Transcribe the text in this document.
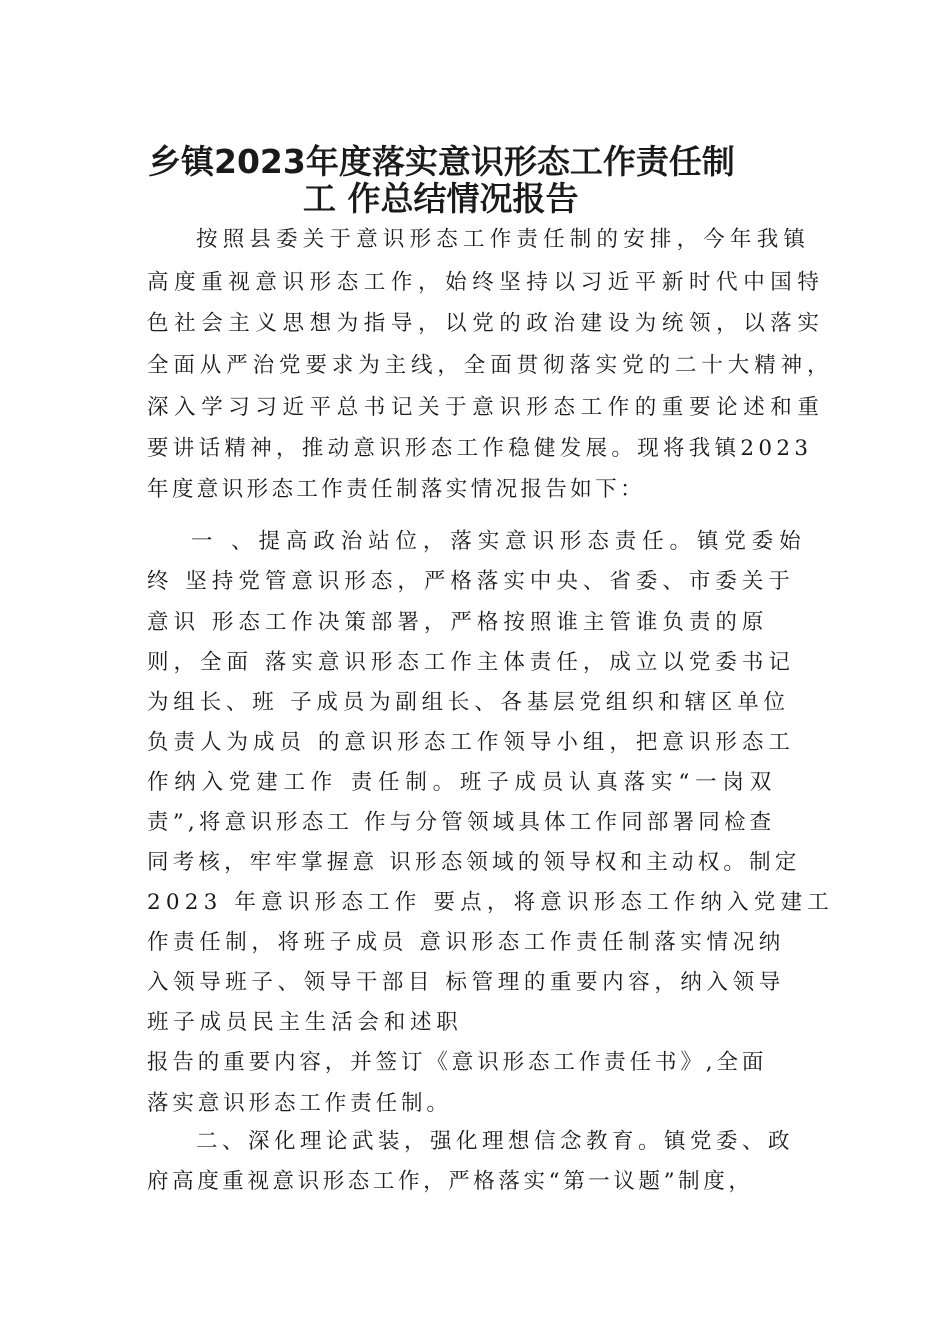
乡镇2023年度落实意识形态工作责任制
工 作总结情况报告
按照县委关于意识形态工作责任制的安排，今年我镇
高度重视意识形态工作，始终坚持以习近平新时代中国特
色社会主义思想为指导，以党的政治建设为统领，以落实
全面从严治党要求为主线，全面贯彻落实党的二十大精神，
深入学习习近平总书记关于意识形态工作的重要论述和重
要讲话精神，推动意识形态工作稳健发展。现将我镇2023
年度意识形态工作责任制落实情况报告如下：
一 、提高政治站位，落实意识形态责任。镇党委始
终 坚持党管意识形态，严格落实中央、省委、市委关于
意识 形态工作决策部署，严格按照谁主管谁负责的原
则，全面 落实意识形态工作主体责任，成立以党委书记
为组长、班 子成员为副组长、各基层党组织和辖区单位
负责人为成员 的意识形态工作领导小组，把意识形态工
作纳入党建工作 责任制。班子成员认真落实“一岗双
责”,将意识形态工 作与分管领域具体工作同部署同检查
同考核，牢牢掌握意 识形态领域的领导权和主动权。制定
2023 年意识形态工作 要点，将意识形态工作纳入党建工
作责任制，将班子成员 意识形态工作责任制落实情况纳
入领导班子、领导干部目 标管理的重要内容，纳入领导
班子成员民主生活会和述职
报告的重要内容，并签订《意识形态工作责任书》,全面
落实意识形态工作责任制。
二、深化理论武装，强化理想信念教育。镇党委、政
府高度重视意识形态工作，严格落实“第一议题”制度，
